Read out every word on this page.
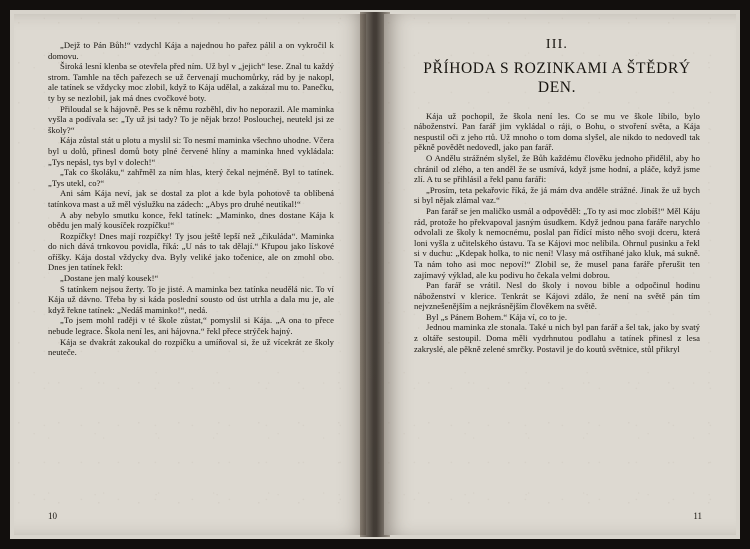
„Dejž to Pán Bůh!“ vzdychl Kája a najednou ho pařez pálil a on vykročil k domovu.

Široká lesní klenba se otevřela před ním. Už byl v „jejich“ lese. Znal tu každý strom. Tamhle na těch pařezech se už červenají muchomůrky, rád by je nakopl, ale tatínek se vždycky moc zlobil, když to Kája udělal, a zakázal mu to. Panečku, ty by se nezlobil, jak má dnes cvočkové boty.

Přiloudal se k hájovně. Pes se k němu rozběhl, div ho neporazil. Ale maminka vyšla a podívala se: „Ty už jsi tady? To je nějak brzo! Poslouchej, neutekl jsi ze školy?“

Kája zůstal stát u plotu a myslil si: To nesmí maminka všechno uhodne. Včera byl u dolů, přinesl domů boty plné červené hlíny a maminka hned vykládala: „Tys nepásl, tys byl v dolech!“

„Tak co školáku,“ zahřměl za ním hlas, který čekal nejméně. Byl to tatínek. „Tys utekl, co?“

Ani sám Kája neví, jak se dostal za plot a kde byla pohotově ta oblíbená tatínkova mast a už měl výslužku na zádech: „Abys pro druhé neutíkal!“

A aby nebylo smutku konce, řekl tatínek: „Maminko, dnes dostane Kája k obědu jen malý kousíček rozpíčku!“

Rozpíčky! Dnes mají rozpíčky! Ty jsou ještě lepší než „čikuláda“. Maminka do nich dává trnkovou povidla, říká: „U nás to tak dělají.“ Křupou jako lískové oříšky. Kája dostal vždycky dva. Byly veliké jako točenice, ale on zmohl obo. Dnes jen tatínek řekl:

„Dostane jen malý kousek!“

S tatínkem nejsou žerty. To je jisté. A maminka bez tatínka neudělá nic. To ví Kája už dávno. Třeba by si káda poslední sousto od úst utrhla a dala mu je, ale když řekne tatínek: „Nedáš maminko!“, nedá.

„To jsem mohl raději v té škole zůstat,“ pomyslil si Kája. „A ona to přece nebude legrace. Škola není les, ani hájovna.“ řekl přece strýček hajný.

Kája se dvakrát zakoukal do rozpíčku a umíňoval si, že už vícekrát ze školy neuteče.

10
III.
PŘÍHODA S ROZINKAMI A ŠTĚDRÝ DEN.

Kája už pochopil, že škola není les. Co se mu ve škole líbilo, bylo náboženství. Pan farář jim vykládal o ráji, o Bohu, o stvoření světa, a Kája nespustil oči z jeho rtů. Už mnoho o tom doma slyšel, ale nikdo to nedovedl tak pěkně povědět nedovedl, jako pan farář.

O Andělu strážném slyšel, že Bůh každému člověku jednoho přidělil, aby ho chránil od zlého, a ten anděl že se usmívá, když jsme hodní, a pláče, když jsme zlí. A tu se přihlásil a řekl panu faráři:

„Prosím, teta pekařovic říká, že já mám dva anděle strážné. Jinak že už bych si byl nějak zlámal vaz.“

Pan farář se jen maličko usmál a odpověděl: „To ty asi moc zlobíš!“ Měl Káju rád, protože ho překvapoval jasným úsudkem. Když jednou pana faráře narychlo odvolali ze školy k nemocnému, poslal pan řídící místo něho svoji dceru, která loni vyšla z učitelského ústavu. Ta se Kájovi moc nelíbila. Ohrnul pusinku a řekl si v duchu: „Kdepak holka, to nic není! Vlasy má ostříhané jako kluk, má sukně. Ta nám toho asi moc nepoví!“ Zlobil se, že musel pana faráře přerušit ten zajímavý výklad, ale ku podivu ho čekala velmi dobrou.

Pan farář se vrátil. Nesl do školy i novou bible a odpočinul hodinu náboženství v klerice. Tenkrát se Kájovi zdálo, že není na světě pán tím nejvznešenějším a nejkrásnějším člověkem na světě.

Byl „s Pánem Bohem.“ Kája ví, co to je.

Jednou maminka zle stonala. Také u nich byl pan farář a šel tak, jako by svatý z oltáře sestoupil. Doma měli vydrhnutou podlahu a tatínek přinesl z lesa zakryslé, ale pěkně zelené smrčky. Postavil je do koutů světnice, stůl přikryl

11
